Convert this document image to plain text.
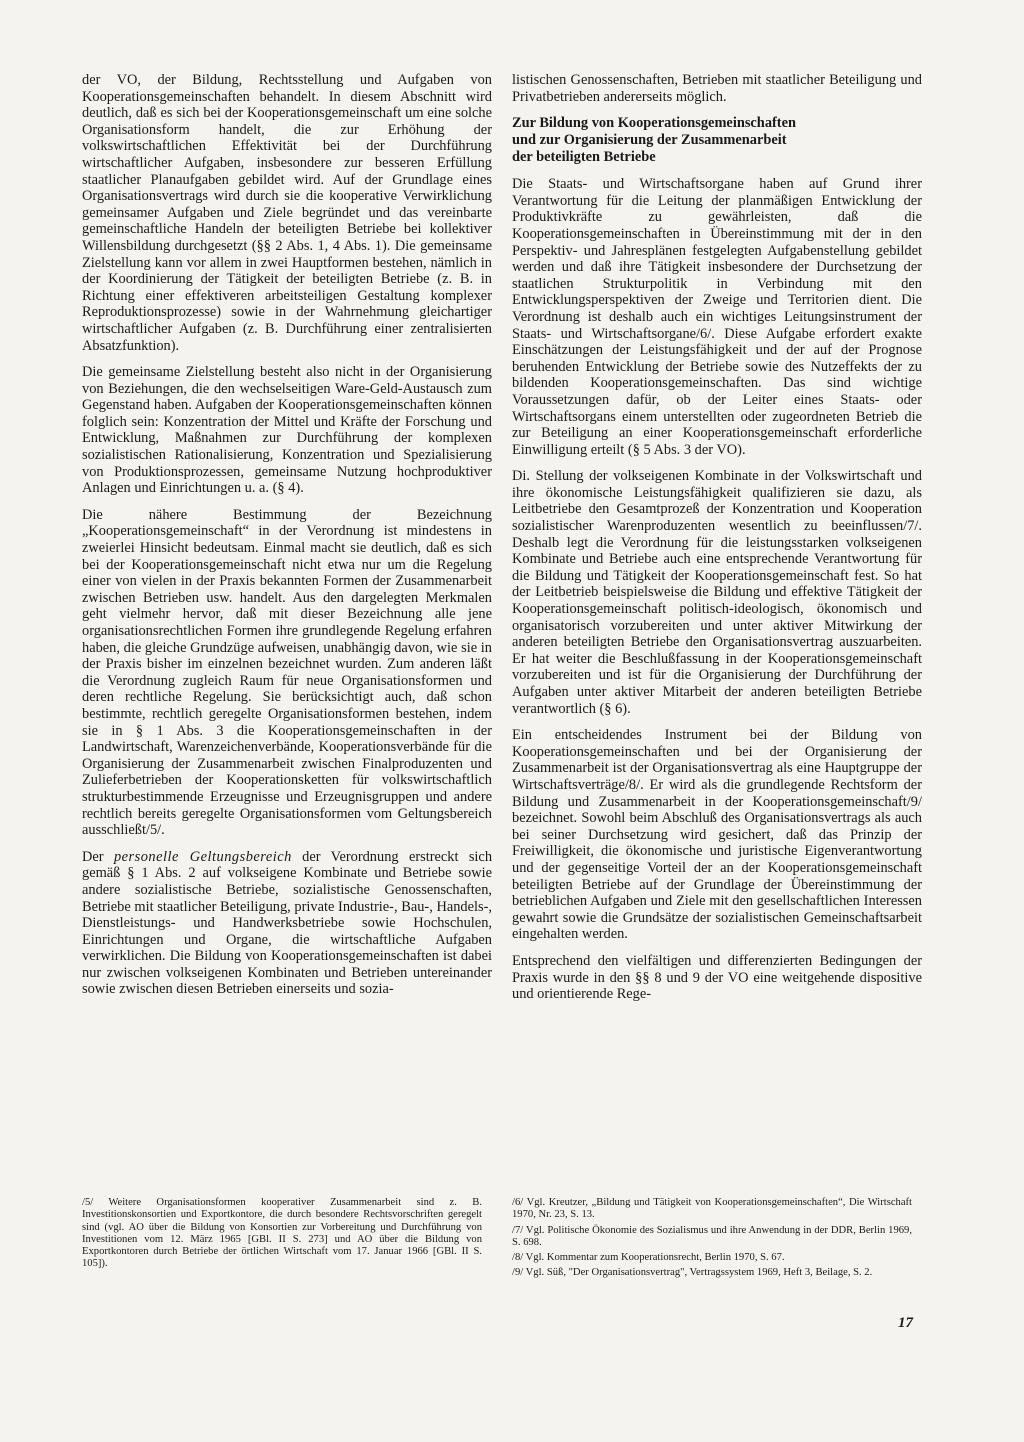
der VO, der Bildung, Rechtsstellung und Aufgaben von Kooperationsgemeinschaften behandelt. In diesem Abschnitt wird deutlich, daß es sich bei der Kooperationsgemeinschaft um eine solche Organisationsform handelt, die zur Erhöhung der volkswirtschaftlichen Effektivität bei der Durchführung wirtschaftlicher Aufgaben, insbesondere zur besseren Erfüllung staatlicher Planaufgaben gebildet wird. Auf der Grundlage eines Organisationsvertrags wird durch sie die kooperative Verwirklichung gemeinsamer Aufgaben und Ziele begründet und das vereinbarte gemeinschaftliche Handeln der beteiligten Betriebe bei kollektiver Willensbildung durchgesetzt (§§ 2 Abs. 1, 4 Abs. 1). Die gemeinsame Zielstellung kann vor allem in zwei Hauptformen bestehen, nämlich in der Koordinierung der Tätigkeit der beteiligten Betriebe (z. B. in Richtung einer effektiveren arbeitsteiligen Gestaltung komplexer Reproduktionsprozesse) sowie in der Wahrnehmung gleichartiger wirtschaftlicher Aufgaben (z. B. Durchführung einer zentralisierten Absatzfunktion).

Die gemeinsame Zielstellung besteht also nicht in der Organisierung von Beziehungen, die den wechselseitigen Ware-Geld-Austausch zum Gegenstand haben. Aufgaben der Kooperationsgemeinschaften können folglich sein: Konzentration der Mittel und Kräfte der Forschung und Entwicklung, Maßnahmen zur Durchführung der komplexen sozialistischen Rationalisierung, Konzentration und Spezialisierung von Produktionsprozessen, gemeinsame Nutzung hochproduktiver Anlagen und Einrichtungen u. a. (§ 4).

Die nähere Bestimmung der Bezeichnung „Kooperationsgemeinschaft“ in der Verordnung ist mindestens in zweierlei Hinsicht bedeutsam. Einmal macht sie deutlich, daß es sich bei der Kooperationsgemeinschaft nicht etwa nur um die Regelung einer von vielen in der Praxis bekannten Formen der Zusammenarbeit zwischen Betrieben usw. handelt. Aus den dargelegten Merkmalen geht vielmehr hervor, daß mit dieser Bezeichnung alle jene organisationsrechtlichen Formen ihre grundlegende Regelung erfahren haben, die gleiche Grundzüge aufweisen, unabhängig davon, wie sie in der Praxis bisher im einzelnen bezeichnet wurden. Zum anderen läßt die Verordnung zugleich Raum für neue Organisationsformen und deren rechtliche Regelung. Sie berücksichtigt auch, daß schon bestimmte, rechtlich geregelte Organisationsformen bestehen, indem sie in § 1 Abs. 3 die Kooperationsgemeinschaften in der Landwirtschaft, Warenzeichenverbände, Kooperationsverbände für die Organisierung der Zusammenarbeit zwischen Finalproduzenten und Zulieferbetrieben der Kooperationsketten für volkswirtschaftlich strukturbestimmende Erzeugnisse und Erzeugnisgruppen und andere rechtlich bereits geregelte Organisationsformen vom Geltungsbereich ausschließt/5/.

Der personelle Geltungsbereich der Verordnung erstreckt sich gemäß § 1 Abs. 2 auf volkseigene Kombinate und Betriebe sowie andere sozialistische Betriebe, sozialistische Genossenschaften, Betriebe mit staatlicher Beteiligung, private Industrie-, Bau-, Handels-, Dienstleistungs- und Handwerksbetriebe sowie Hochschulen, Einrichtungen und Organe, die wirtschaftliche Aufgaben verwirklichen. Die Bildung von Kooperationsgemeinschaften ist dabei nur zwischen volkseigenen Kombinaten und Betrieben untereinander sowie zwischen diesen Betrieben einerseits und sozia-

listischen Genossenschaften, Betrieben mit staatlicher Beteiligung und Privatbetrieben andererseits möglich.

Zur Bildung von Kooperationsgemeinschaften
und zur Organisierung der Zusammenarbeit
der beteiligten Betriebe

Die Staats- und Wirtschaftsorgane haben auf Grund ihrer Verantwortung für die Leitung der planmäßigen Entwicklung der Produktivkräfte zu gewährleisten, daß die Kooperationsgemeinschaften in Übereinstimmung mit der in den Perspektiv- und Jahresplänen festgelegten Aufgabenstellung gebildet werden und daß ihre Tätigkeit insbesondere der Durchsetzung der staatlichen Strukturpolitik in Verbindung mit den Entwicklungsperspektiven der Zweige und Territorien dient. Die Verordnung ist deshalb auch ein wichtiges Leitungsinstrument der Staats- und Wirtschaftsorgane/6/. Diese Aufgabe erfordert exakte Einschätzungen der Leistungsfähigkeit und der auf der Prognose beruhenden Entwicklung der Betriebe sowie des Nutzeffekts der zu bildenden Kooperationsgemeinschaften. Das sind wichtige Voraussetzungen dafür, ob der Leiter eines Staats- oder Wirtschaftsorgans einem unterstellten oder zugeordneten Betrieb die zur Beteiligung an einer Kooperationsgemeinschaft erforderliche Einwilligung erteilt (§ 5 Abs. 3 der VO).

Di. Stellung der volkseigenen Kombinate in der Volkswirtschaft und ihre ökonomische Leistungsfähigkeit qualifizieren sie dazu, als Leitbetriebe den Gesamtprozeß der Konzentration und Kooperation sozialistischer Warenproduzenten wesentlich zu beeinflussen/7/. Deshalb legt die Verordnung für die leistungsstarken volkseigenen Kombinate und Betriebe auch eine entsprechende Verantwortung für die Bildung und Tätigkeit der Kooperationsgemeinschaft fest. So hat der Leitbetrieb beispielsweise die Bildung und effektive Tätigkeit der Kooperationsgemeinschaft politisch-ideologisch, ökonomisch und organisatorisch vorzubereiten und unter aktiver Mitwirkung der anderen beteiligten Betriebe den Organisationsvertrag auszuarbeiten. Er hat weiter die Beschlußfassung in der Kooperationsgemeinschaft vorzubereiten und ist für die Organisierung der Durchführung der Aufgaben unter aktiver Mitarbeit der anderen beteiligten Betriebe verantwortlich (§ 6).

Ein entscheidendes Instrument bei der Bildung von Kooperationsgemeinschaften und bei der Organisierung der Zusammenarbeit ist der Organisationsvertrag als eine Hauptgruppe der Wirtschaftsverträge/8/. Er wird als die grundlegende Rechtsform der Bildung und Zusammenarbeit in der Kooperationsgemeinschaft/9/ bezeichnet. Sowohl beim Abschluß des Organisationsvertrags als auch bei seiner Durchsetzung wird gesichert, daß das Prinzip der Freiwilligkeit, die ökonomische und juristische Eigenverantwortung und der gegenseitige Vorteil der an der Kooperationsgemeinschaft beteiligten Betriebe auf der Grundlage der Übereinstimmung der betrieblichen Aufgaben und Ziele mit den gesellschaftlichen Interessen gewahrt sowie die Grundsätze der sozialistischen Gemeinschaftsarbeit eingehalten werden.

Entsprechend den vielfältigen und differenzierten Bedingungen der Praxis wurde in den §§ 8 und 9 der VO eine weitgehende dispositive und orientierende Rege-

/5/ Weitere Organisationsformen kooperativer Zusammenarbeit sind z. B. Investitionskonsortien und Exportkontore, die durch besondere Rechtsvorschriften geregelt sind (vgl. AO über die Bildung von Konsortien zur Vorbereitung und Durchführung von Investitionen vom 12. März 1965 [GBl. II S. 273] und AO über die Bildung von Exportkontoren durch Betriebe der örtlichen Wirtschaft vom 17. Januar 1966 [GBl. II S. 105]).

/6/ Vgl. Kreutzer, „Bildung und Tätigkeit von Kooperationsgemeinschaften“, Die Wirtschaft 1970, Nr. 23, S. 13.

/7/ Vgl. Politische Ökonomie des Sozialismus und ihre Anwendung in der DDR, Berlin 1969, S. 698.

/8/ Vgl. Kommentar zum Kooperationsrecht, Berlin 1970, S. 67.

/9/ Vgl. Süß, "Der Organisationsvertrag", Vertragssystem 1969, Heft 3, Beilage, S. 2.

17
